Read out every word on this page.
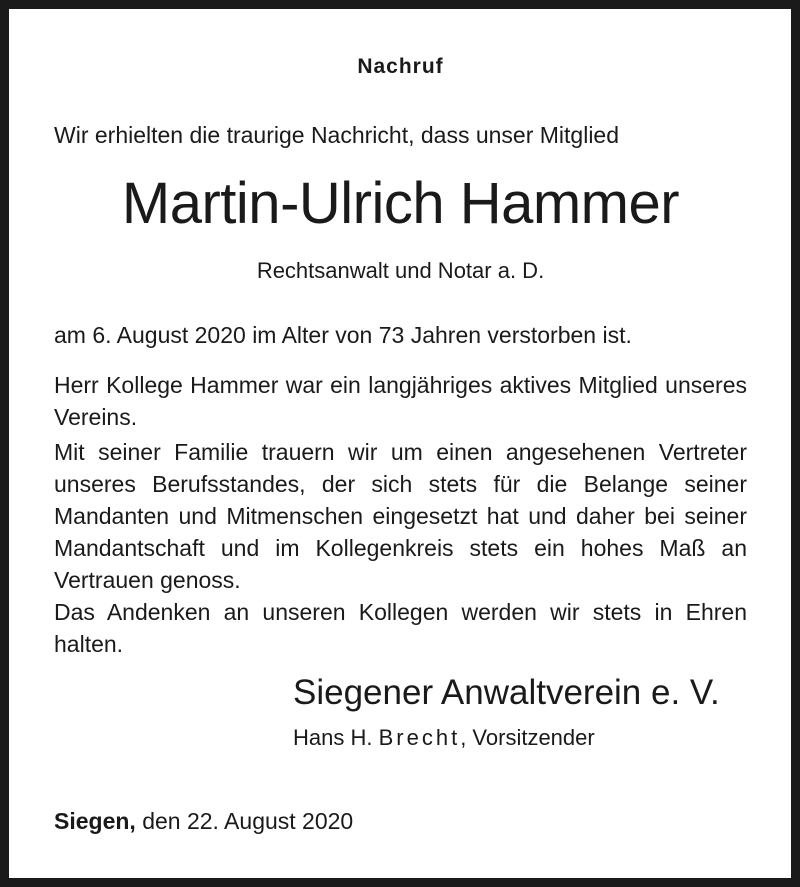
Nachruf
Wir erhielten die traurige Nachricht, dass unser Mitglied
Martin-Ulrich Hammer
Rechtsanwalt und Notar a. D.
am 6. August 2020 im Alter von 73 Jahren verstorben ist.

Herr Kollege Hammer war ein langjähriges aktives Mitglied unseres Vereins.

Mit seiner Familie trauern wir um einen angesehenen Vertreter unseres Berufsstandes, der sich stets für die Belange seiner Mandanten und Mitmenschen eingesetzt hat und daher bei seiner Mandantschaft und im Kollegenkreis stets ein hohes Maß an Vertrauen genoss.

Das Andenken an unseren Kollegen werden wir stets in Ehren halten.

Siegener Anwaltverein e. V.
Hans H. Brecht, Vorsitzender
Siegen, den 22. August 2020
